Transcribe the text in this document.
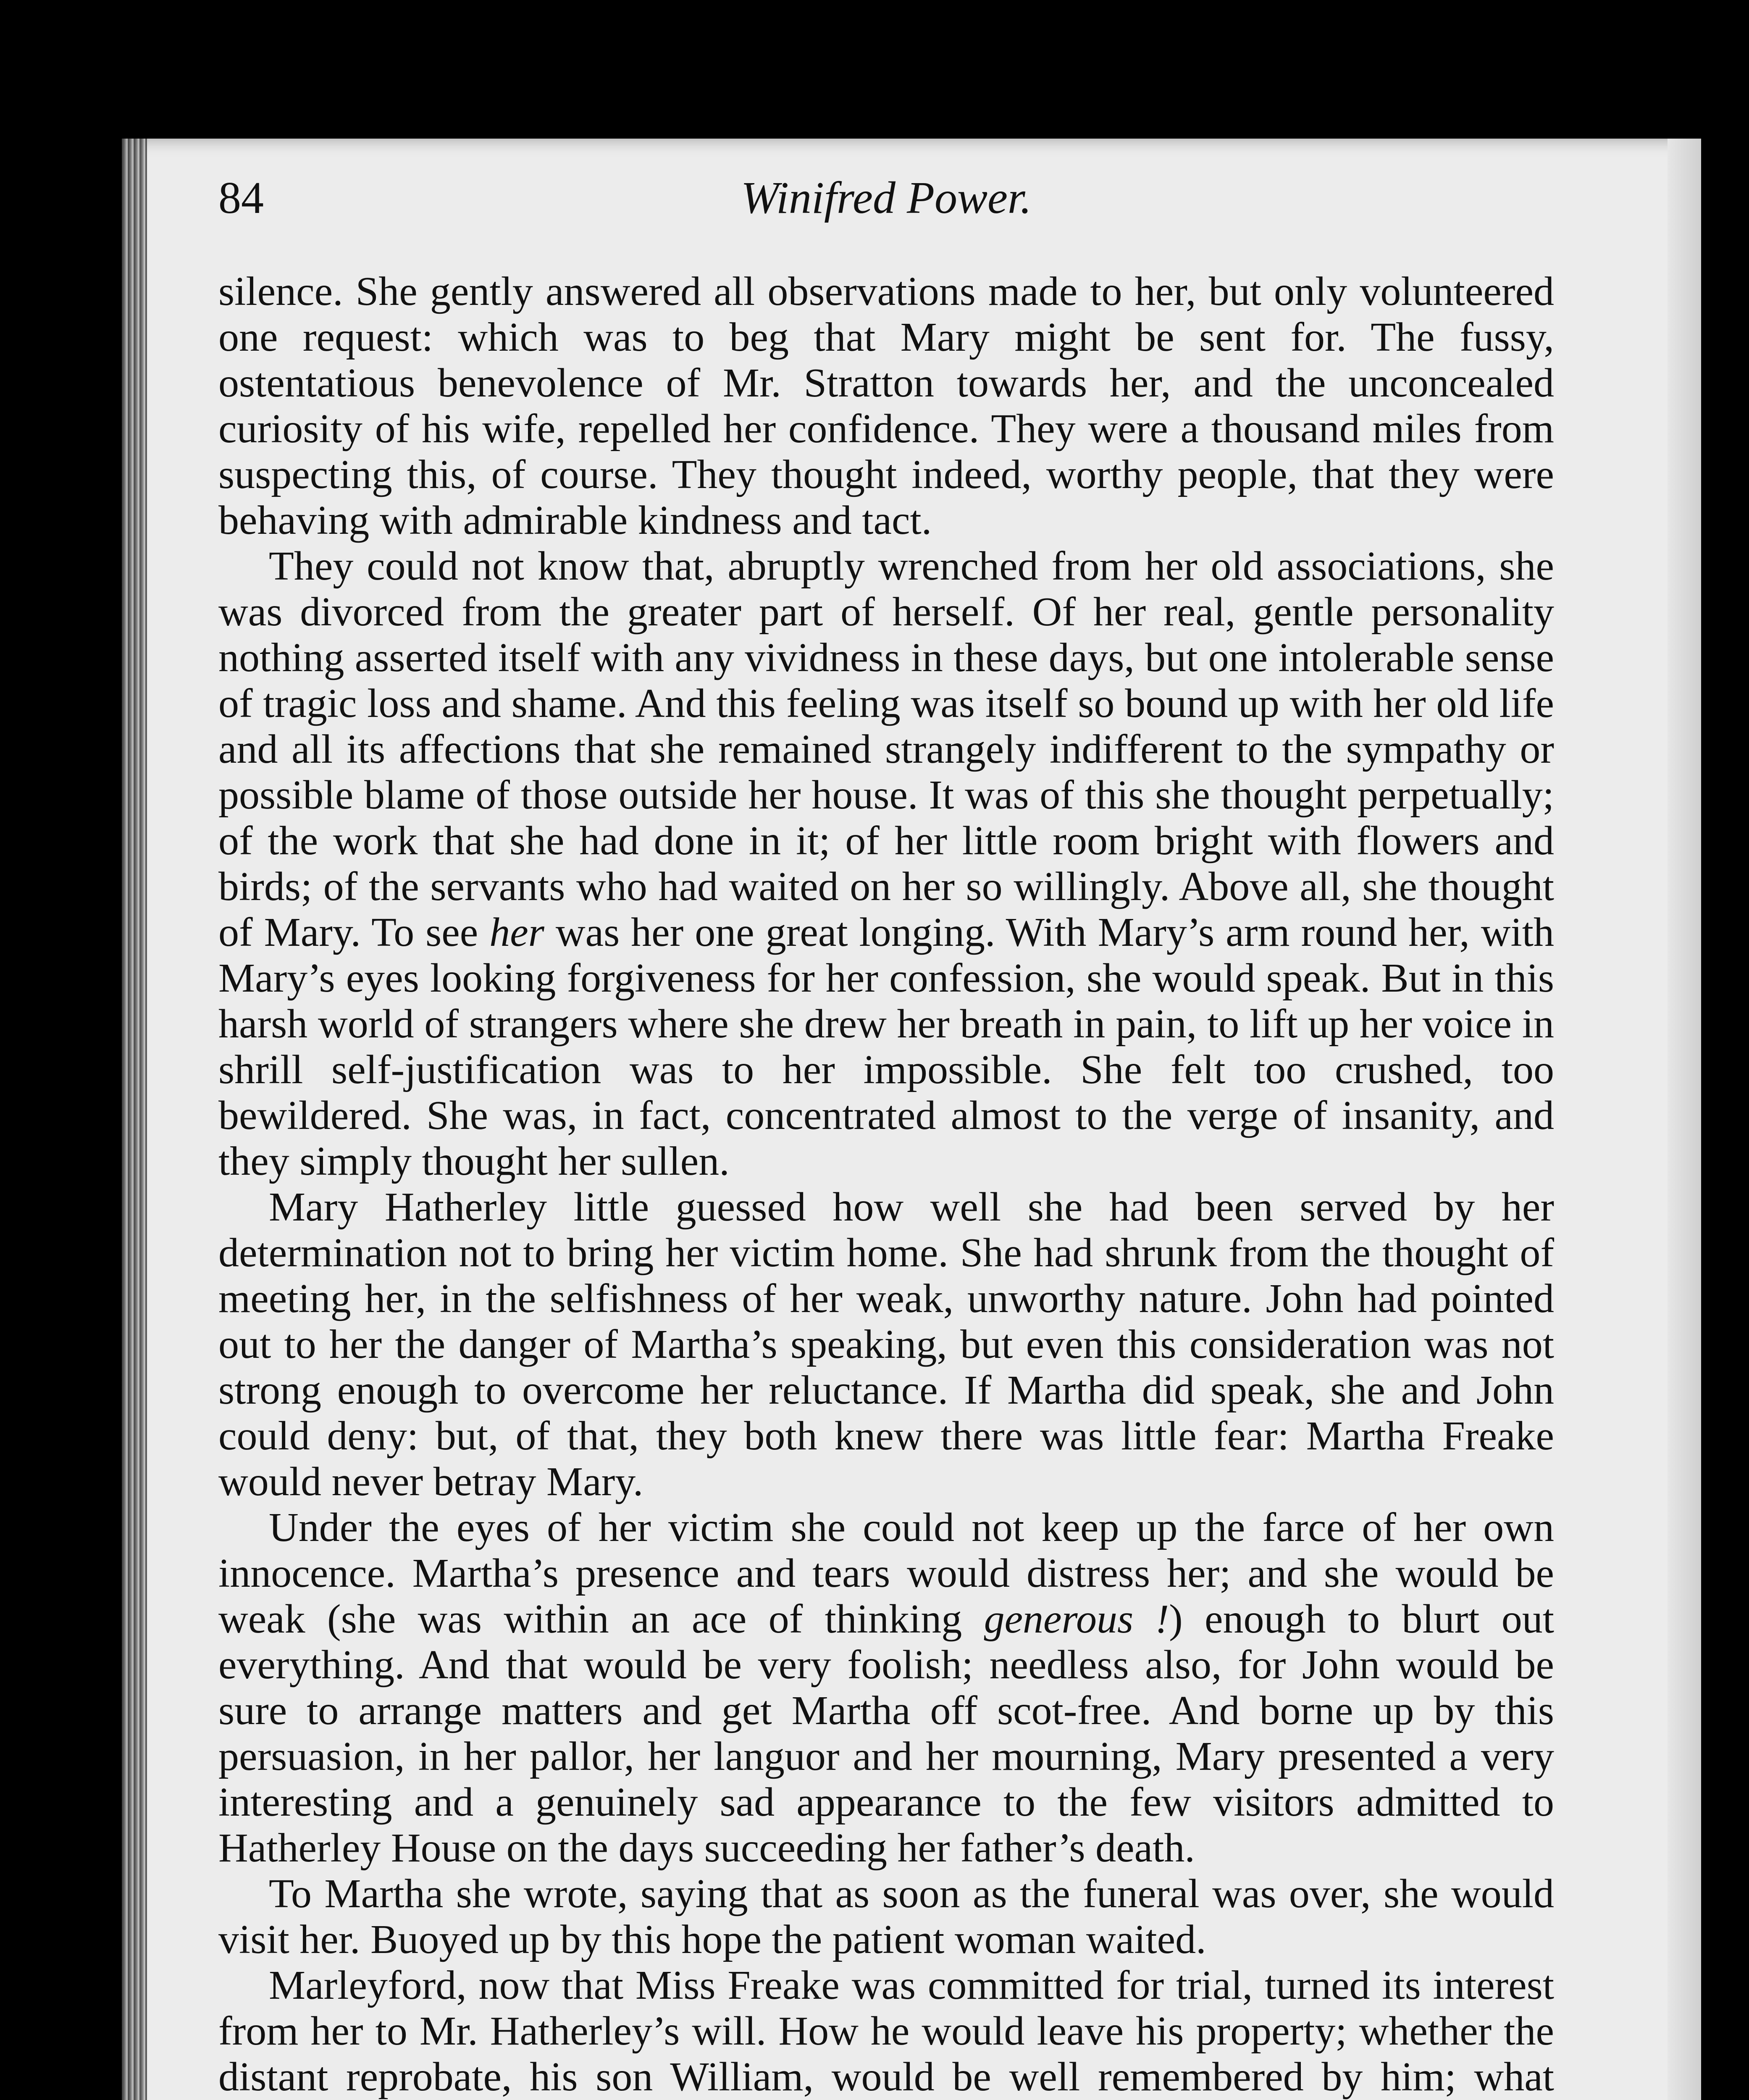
84	Winifred Power.

silence. She gently answered all observations made to her, but only volunteered one request: which was to beg that Mary might be sent for. The fussy, ostentatious benevolence of Mr. Stratton towards her, and the unconcealed curiosity of his wife, repelled her confidence. They were a thousand miles from suspecting this, of course. They thought indeed, worthy people, that they were behaving with admirable kindness and tact.

They could not know that, abruptly wrenched from her old associations, she was divorced from the greater part of herself. Of her real, gentle personality nothing asserted itself with any vividness in these days, but one intolerable sense of tragic loss and shame. And this feeling was itself so bound up with her old life and all its affections that she remained strangely indifferent to the sympathy or possible blame of those outside her house. It was of this she thought perpetually; of the work that she had done in it; of her little room bright with flowers and birds; of the servants who had waited on her so willingly. Above all, she thought of Mary. To see her was her one great longing. With Mary’s arm round her, with Mary’s eyes looking forgiveness for her confession, she would speak. But in this harsh world of strangers where she drew her breath in pain, to lift up her voice in shrill self-justification was to her impossible. She felt too crushed, too bewildered. She was, in fact, concentrated almost to the verge of insanity, and they simply thought her sullen.

Mary Hatherley little guessed how well she had been served by her determination not to bring her victim home. She had shrunk from the thought of meeting her, in the selfishness of her weak, unworthy nature. John had pointed out to her the danger of Martha’s speaking, but even this consideration was not strong enough to overcome her reluctance. If Martha did speak, she and John could deny: but, of that, they both knew there was little fear: Martha Freake would never betray Mary.

Under the eyes of her victim she could not keep up the farce of her own innocence. Martha’s presence and tears would distress her; and she would be weak (she was within an ace of thinking generous !) enough to blurt out everything. And that would be very foolish; needless also, for John would be sure to arrange matters and get Martha off scot-free. And borne up by this persuasion, in her pallor, her languor and her mourning, Mary presented a very interesting and a genuinely sad appearance to the few visitors admitted to Hatherley House on the days succeeding her father’s death.

To Martha she wrote, saying that as soon as the funeral was over, she would visit her. Buoyed up by this hope the patient woman waited.

Marleyford, now that Miss Freake was committed for trial, turned its interest from her to Mr. Hatherley’s will. How he would leave his property; whether the distant reprobate, his son William, would be well remembered by him; what
